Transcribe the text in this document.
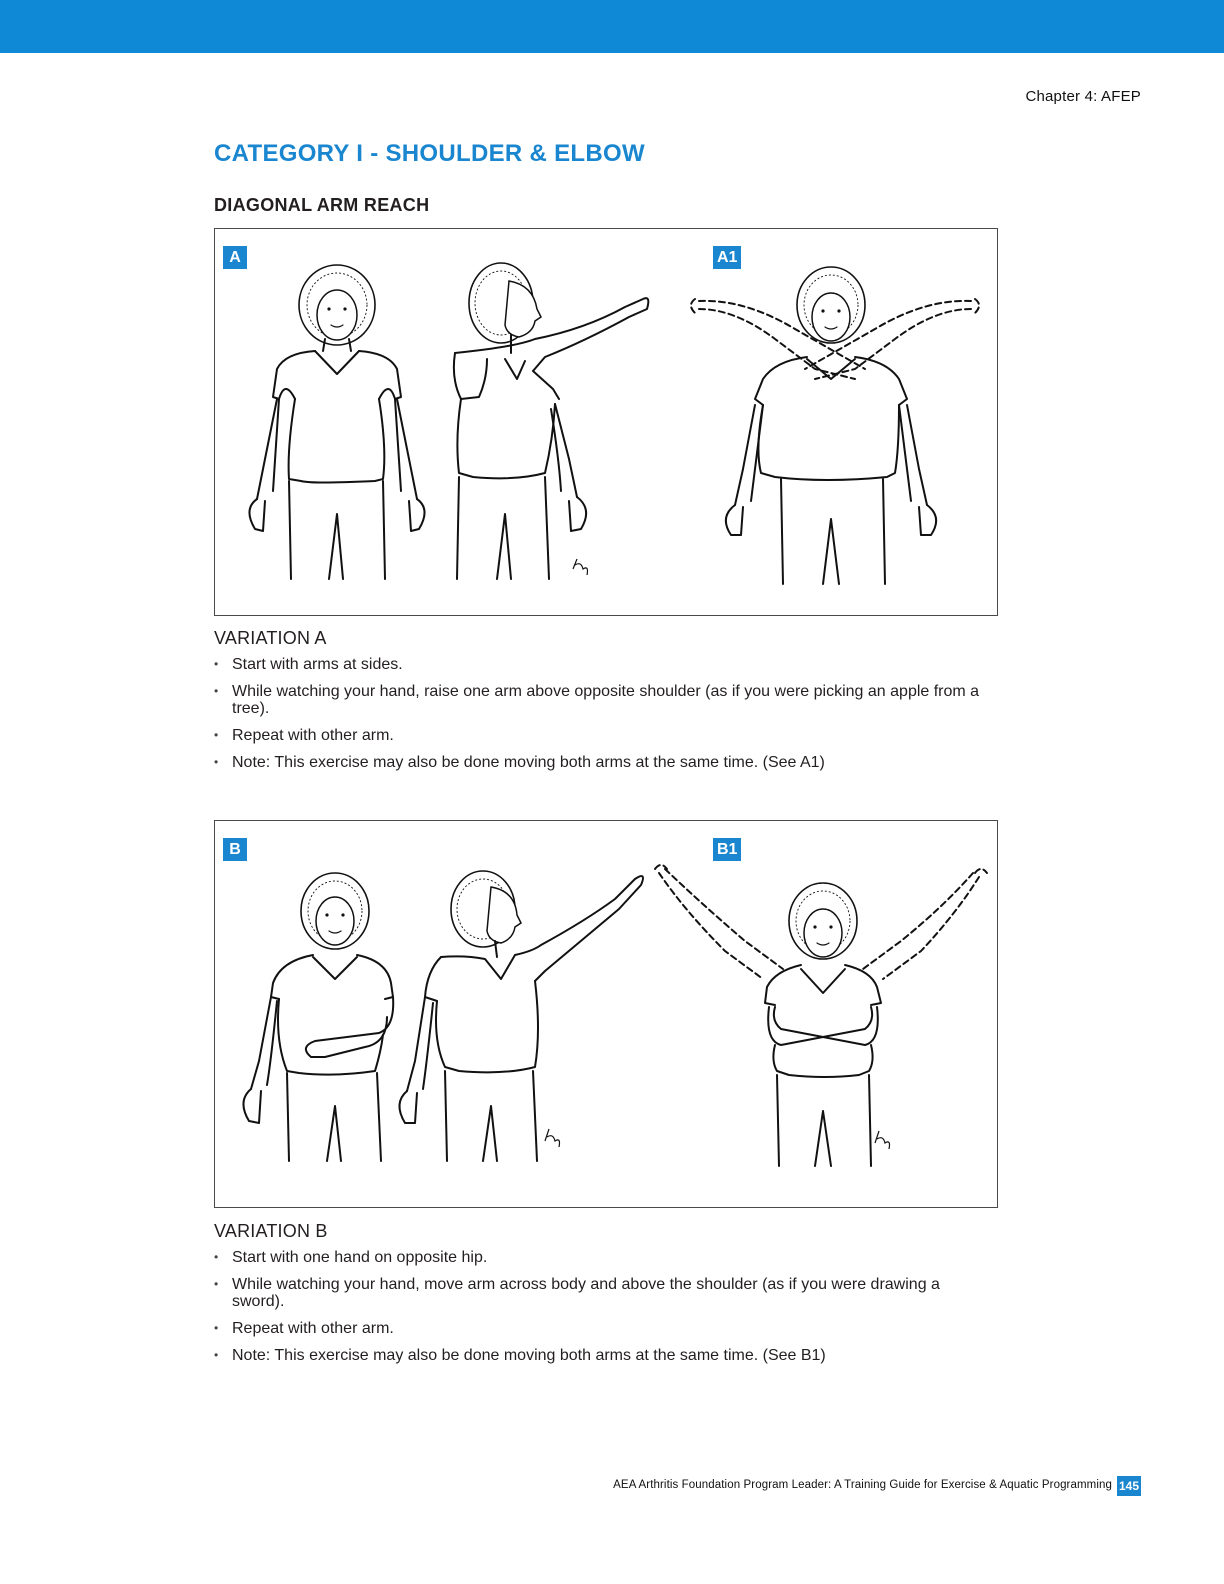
Chapter 4: AFEP
CATEGORY I - SHOULDER & ELBOW
DIAGONAL ARM REACH
A	A1
VARIATION A
• Start with arms at sides.
• While watching your hand, raise one arm above opposite shoulder (as if you were picking an apple from a tree).
• Repeat with other arm.
• Note: This exercise may also be done moving both arms at the same time. (See A1)
B	B1
VARIATION B
• Start with one hand on opposite hip.
• While watching your hand, move arm across body and above the shoulder (as if you were drawing a sword).
• Repeat with other arm.
• Note: This exercise may also be done moving both arms at the same time. (See B1)
AEA Arthritis Foundation Program Leader: A Training Guide for Exercise & Aquatic Programming 145
